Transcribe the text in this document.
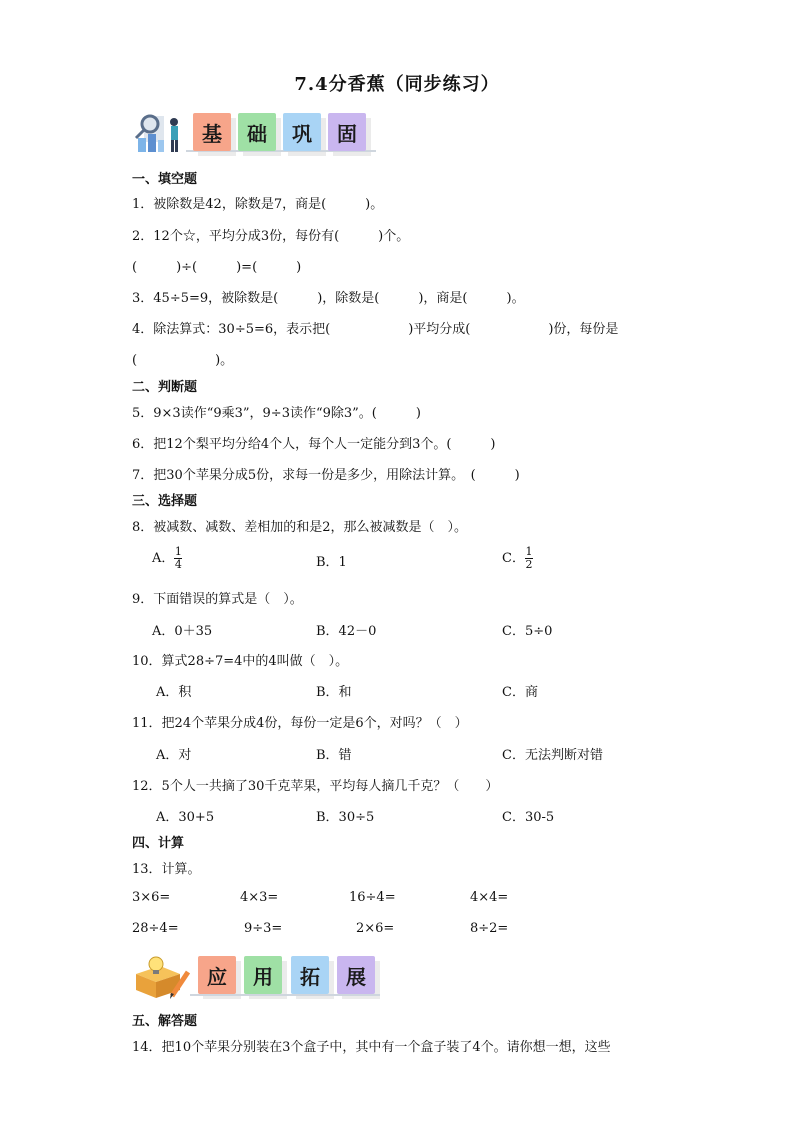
7.4分香蕉（同步练习）
基	础	巩	固
一、填空题
1．被除数是42，除数是7，商是(　　　)。
2．12个☆，平均分成3份，每份有(　　　)个。
(　　　)÷(　　　)=(　　　)
3．45÷5=9，被除数是(　　　)，除数是(　　　)，商是(　　　)。
4．除法算式：30÷5=6，表示把(　　　　　　)平均分成(　　　　　　)份，每份是
(　　　　　　)。
二、判断题
5．9×3读作“9乘3”，9÷3读作“9除3”。(　　　)
6．把12个梨平均分给4个人，每个人一定能分到3个。(　　　)
7．把30个苹果分成5份，求每一份是多少，用除法计算。　(　　　)
三、选择题
8．被减数、减数、差相加的和是2，那么被减数是（　）。
A． $\frac{1}{4}$	B．1	C． $\frac{1}{2}$
9．下面错误的算式是（　）。
A．0＋35	B．42－0	C．5÷0
10．算式28÷7=4中的4叫做（　）。
A．积	B．和	C．商
11．把24个苹果分成4份，每份一定是6个，对吗？（　）
A．对	B．错	C．无法判断对错
12．5个人一共摘了30千克苹果，平均每人摘几千克？（　　）
A．30+5	B．30÷5	C．30-5
四、计算
13．计算。
3×6=	4×3=	16÷4=	4×4=
28÷4=	9÷3=	2×6=	8÷2=
应	用	拓	展
五、解答题
14．把10个苹果分别装在3个盒子中，其中有一个盒子装了4个。请你想一想，这些
